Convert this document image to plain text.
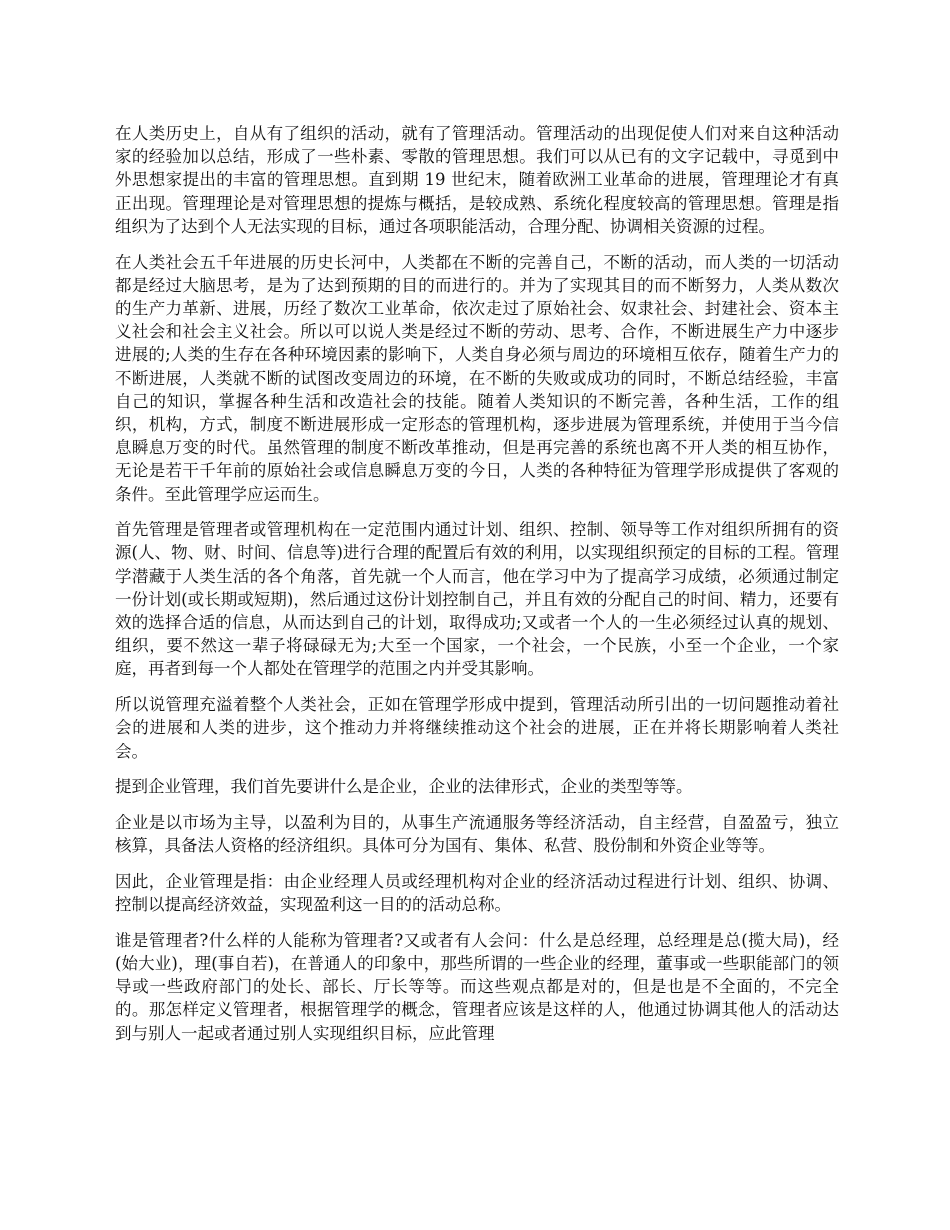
在人类历史上，自从有了组织的活动，就有了管理活动。管理活动的出现促使人们对来自这种活动家的经验加以总结，形成了一些朴素、零散的管理思想。我们可以从已有的文字记载中，寻觅到中外思想家提出的丰富的管理思想。直到期 19 世纪末，随着欧洲工业革命的进展，管理理论才有真正出现。管理理论是对管理思想的提炼与概括，是较成熟、系统化程度较高的管理思想。管理是指组织为了达到个人无法实现的目标，通过各项职能活动，合理分配、协调相关资源的过程。

在人类社会五千年进展的历史长河中，人类都在不断的完善自己，不断的活动，而人类的一切活动都是经过大脑思考，是为了达到预期的目的而进行的。并为了实现其目的而不断努力，人类从数次的生产力革新、进展，历经了数次工业革命，依次走过了原始社会、奴隶社会、封建社会、资本主义社会和社会主义社会。所以可以说人类是经过不断的劳动、思考、合作，不断进展生产力中逐步进展的;人类的生存在各种环境因素的影响下，人类自身必须与周边的环境相互依存，随着生产力的不断进展，人类就不断的试图改变周边的环境，在不断的失败或成功的同时，不断总结经验，丰富自己的知识，掌握各种生活和改造社会的技能。随着人类知识的不断完善，各种生活，工作的组织，机构，方式，制度不断进展形成一定形态的管理机构，逐步进展为管理系统，并使用于当今信息瞬息万变的时代。虽然管理的制度不断改革推动，但是再完善的系统也离不开人类的相互协作，无论是若干千年前的原始社会或信息瞬息万变的今日，人类的各种特征为管理学形成提供了客观的条件。至此管理学应运而生。

首先管理是管理者或管理机构在一定范围内通过计划、组织、控制、领导等工作对组织所拥有的资源(人、物、财、时间、信息等)进行合理的配置后有效的利用，以实现组织预定的目标的工程。管理学潜藏于人类生活的各个角落，首先就一个人而言，他在学习中为了提高学习成绩，必须通过制定一份计划(或长期或短期)，然后通过这份计划控制自己，并且有效的分配自己的时间、精力，还要有效的选择合适的信息，从而达到自己的计划，取得成功;又或者一个人的一生必须经过认真的规划、组织，要不然这一辈子将碌碌无为;大至一个国家，一个社会，一个民族，小至一个企业，一个家庭，再者到每一个人都处在管理学的范围之内并受其影响。

所以说管理充溢着整个人类社会，正如在管理学形成中提到，管理活动所引出的一切问题推动着社会的进展和人类的进步，这个推动力并将继续推动这个社会的进展，正在并将长期影响着人类社会。

提到企业管理，我们首先要讲什么是企业，企业的法律形式，企业的类型等等。

企业是以市场为主导，以盈利为目的，从事生产流通服务等经济活动，自主经营，自盈盈亏，独立核算，具备法人资格的经济组织。具体可分为国有、集体、私营、股份制和外资企业等等。

因此，企业管理是指：由企业经理人员或经理机构对企业的经济活动过程进行计划、组织、协调、控制以提高经济效益，实现盈利这一目的的活动总称。

谁是管理者?什么样的人能称为管理者?又或者有人会问：什么是总经理，总经理是总(揽大局)，经(始大业)，理(事自若)，在普通人的印象中，那些所谓的一些企业的经理，董事或一些职能部门的领导或一些政府部门的处长、部长、厅长等等。而这些观点都是对的，但是也是不全面的，不完全的。那怎样定义管理者，根据管理学的概念，管理者应该是这样的人，他通过协调其他人的活动达到与别人一起或者通过别人实现组织目标，应此管理
